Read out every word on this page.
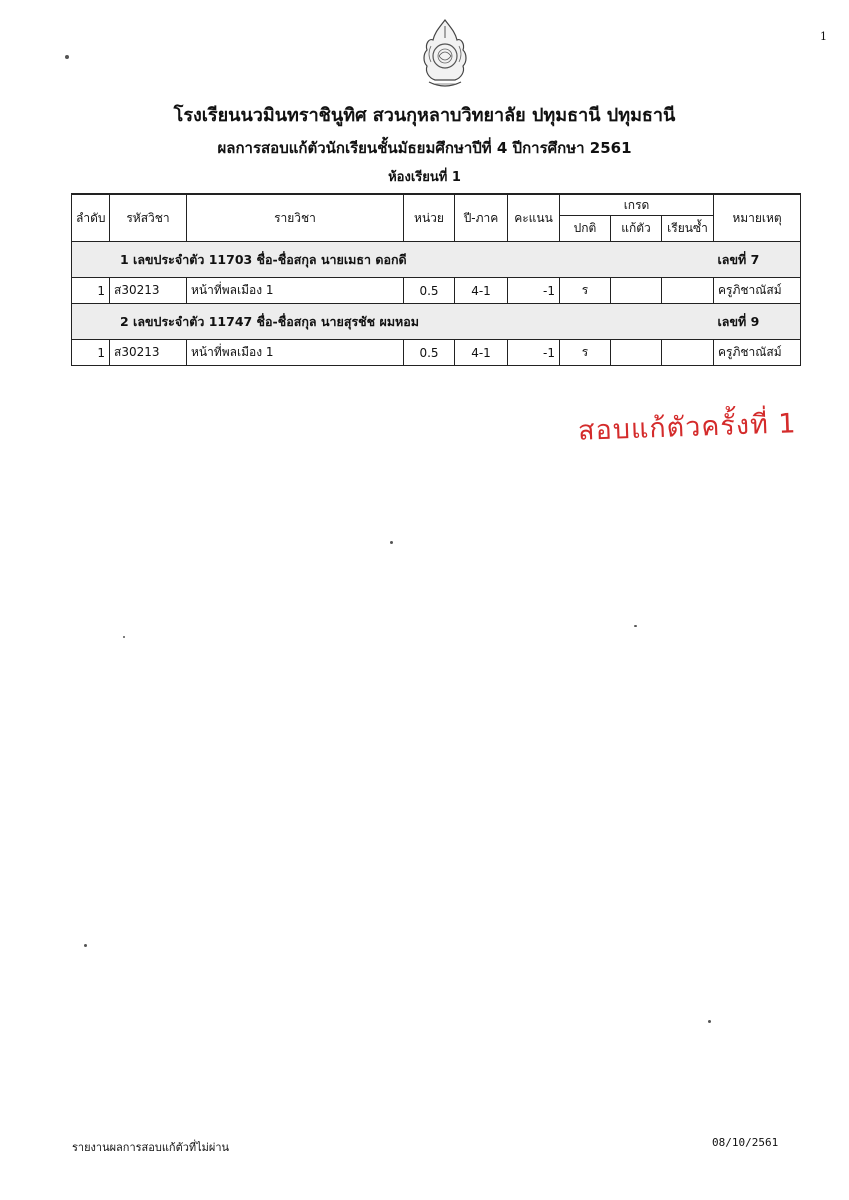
1
โรงเรียนนวมินทราชินูทิศ สวนกุหลาบวิทยาลัย ปทุมธานี ปทุมธานี
ผลการสอบแก้ตัวนักเรียนชั้นมัธยมศึกษาปีที่ 4 ปีการศึกษา 2561
ห้องเรียนที่ 1
ลำดับ	รหัสวิชา	รายวิชา	หน่วย	ปี-ภาค	คะแนน	เกรด			หมายเหตุ
						ปกติ	แก้ตัว	เรียนซ้ำ	
1 เลขประจำตัว 11703 ชื่อ-ชื่อสกุล นายเมธา ดอกดี									เลขที่ 7
1	ส30213	หน้าที่พลเมือง 1	0.5	4-1	-1	ร			ครูภิชาณัสม์
2 เลขประจำตัว 11747 ชื่อ-ชื่อสกุล นายสุรชัช ผมหอม									เลขที่ 9
1	ส30213	หน้าที่พลเมือง 1	0.5	4-1	-1	ร			ครูภิชาณัสม์
สอบแก้ตัวครั้งที่ 1
รายงานผลการสอบแก้ตัวที่ไม่ผ่าน	08/10/2561
